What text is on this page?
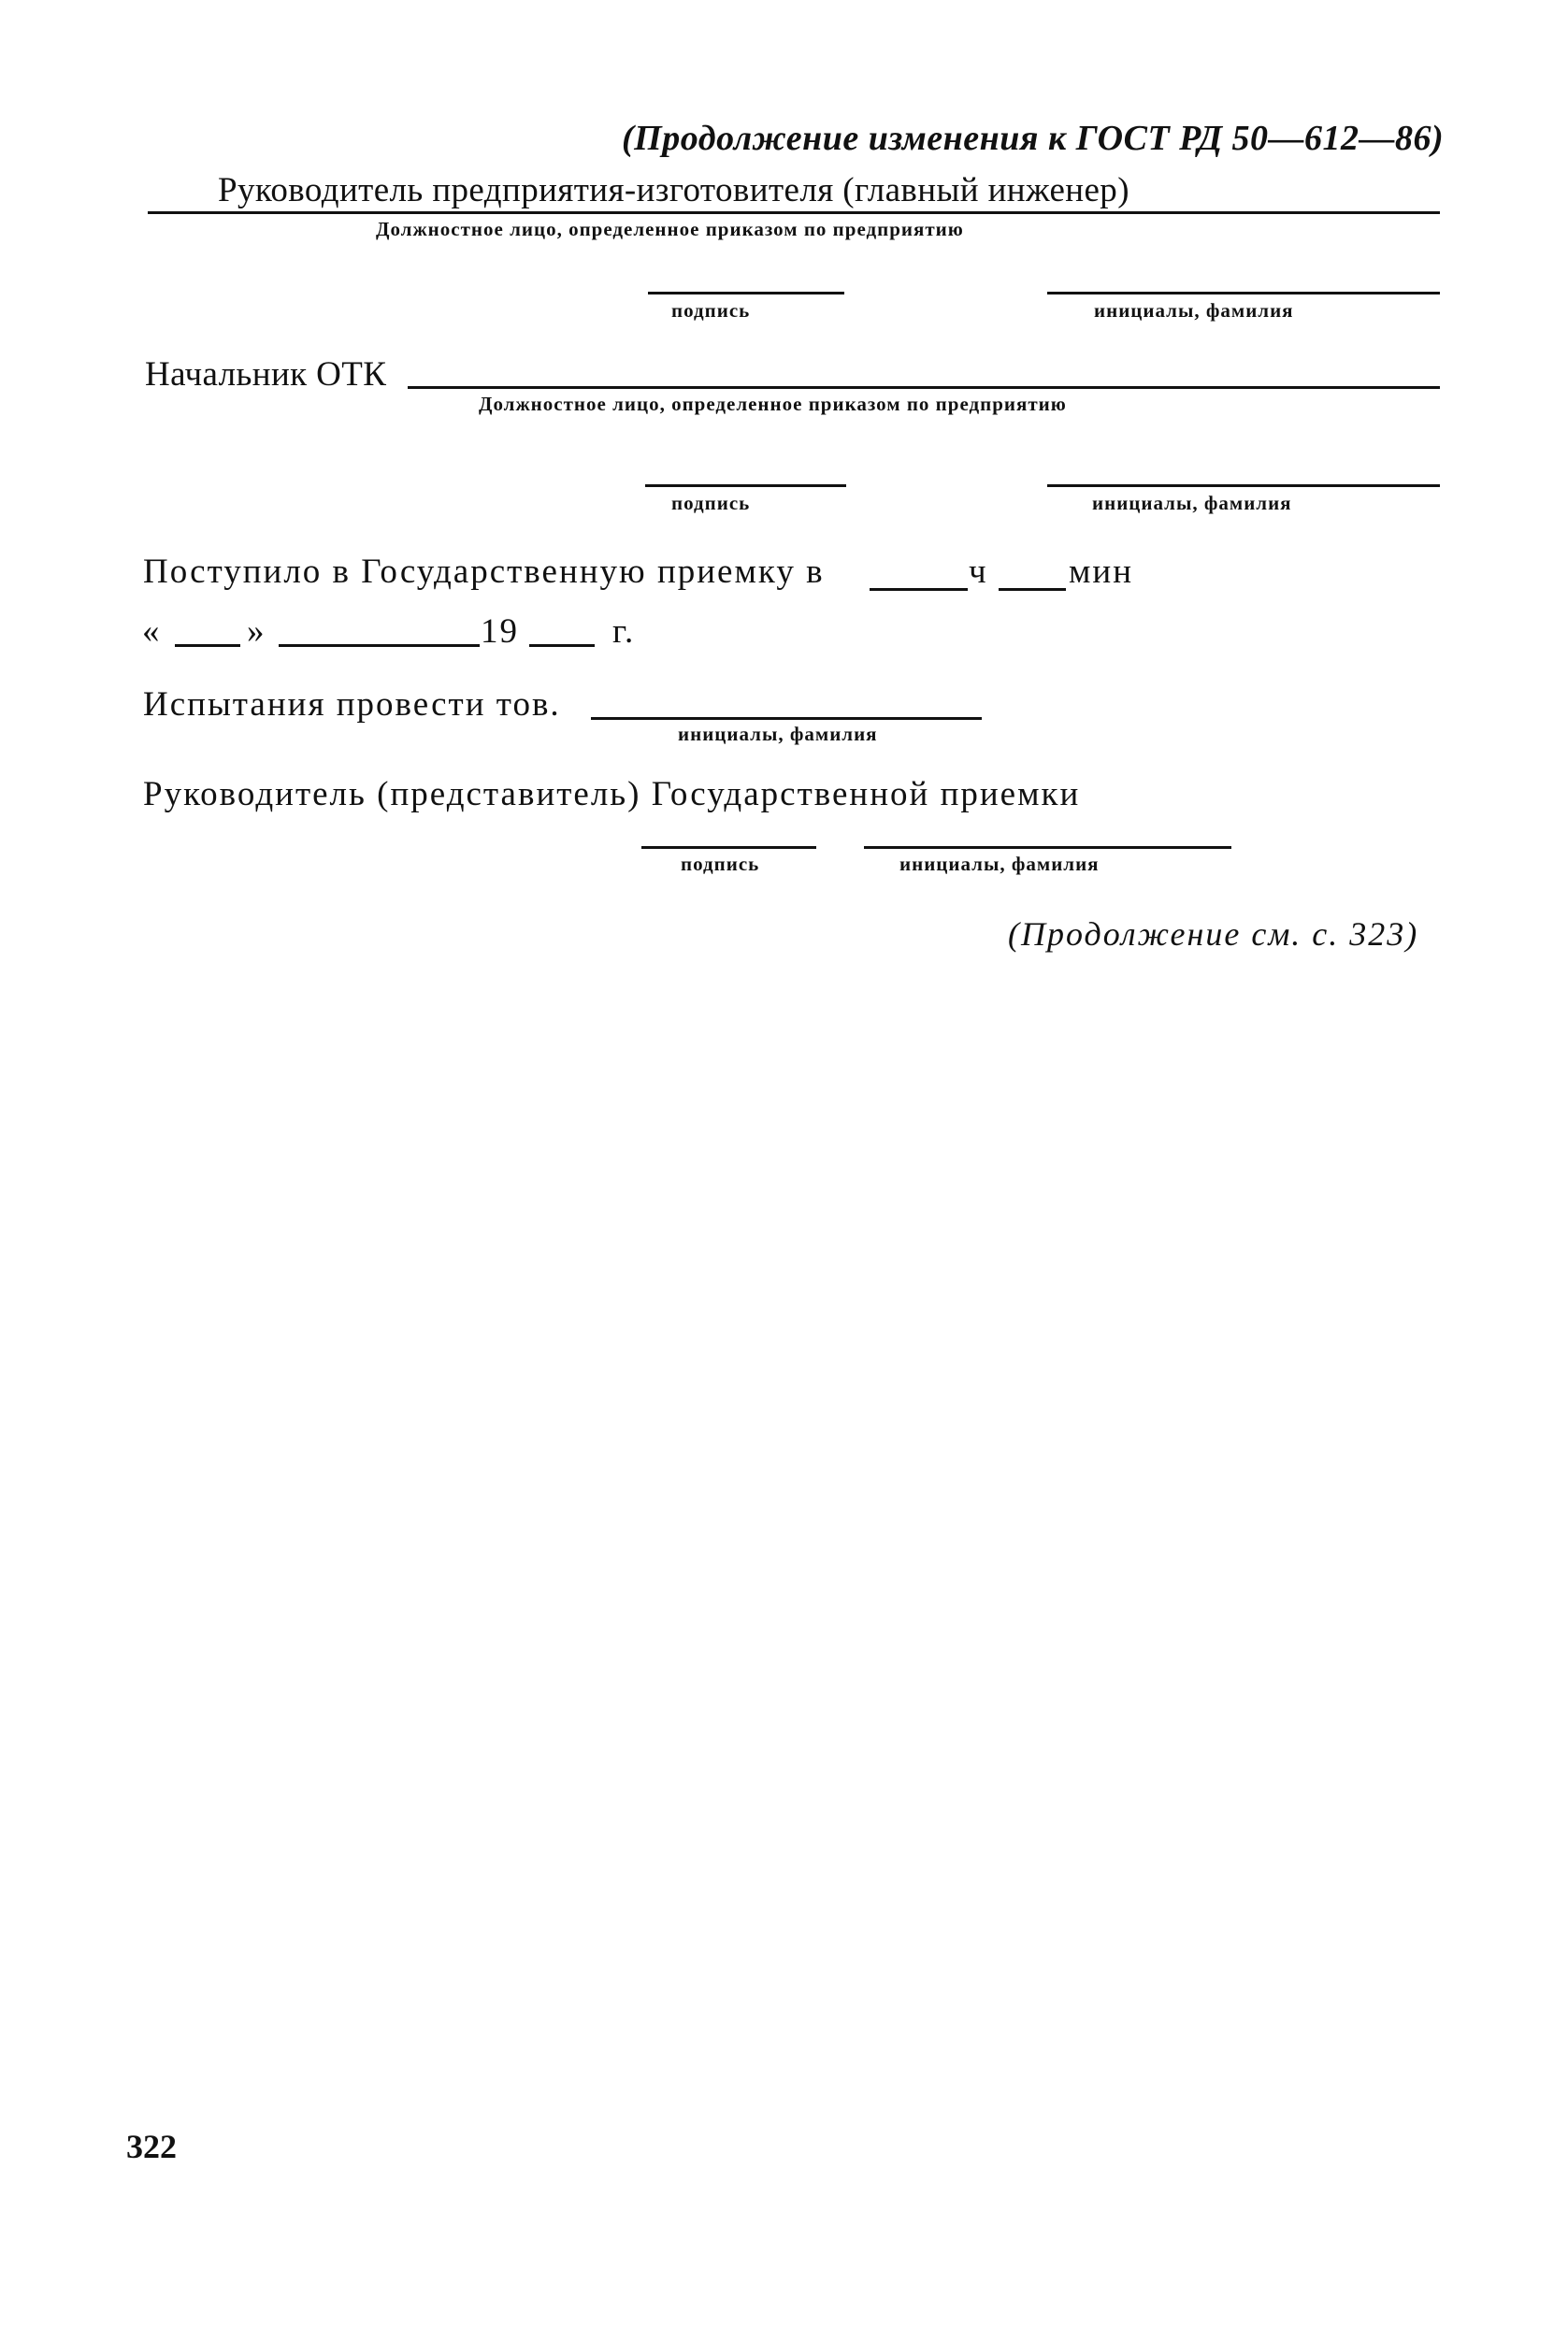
(Продолжение изменения к ГОСТ РД 50—612—86)
Руководитель предприятия-изготовителя (главный инженер)
Должностное лицо, определенное приказом по предприятию
подпись	инициалы, фамилия
Начальник ОТК
Должностное лицо, определенное приказом по предприятию
подпись	инициалы, фамилия
Поступило в Государственную приемку в	ч мин
« »	19	г.
Испытания провести тов.
инициалы, фамилия
Руководитель (представитель) Государственной приемки
подпись	инициалы, фамилия
(Продолжение см. с. 323)
322
